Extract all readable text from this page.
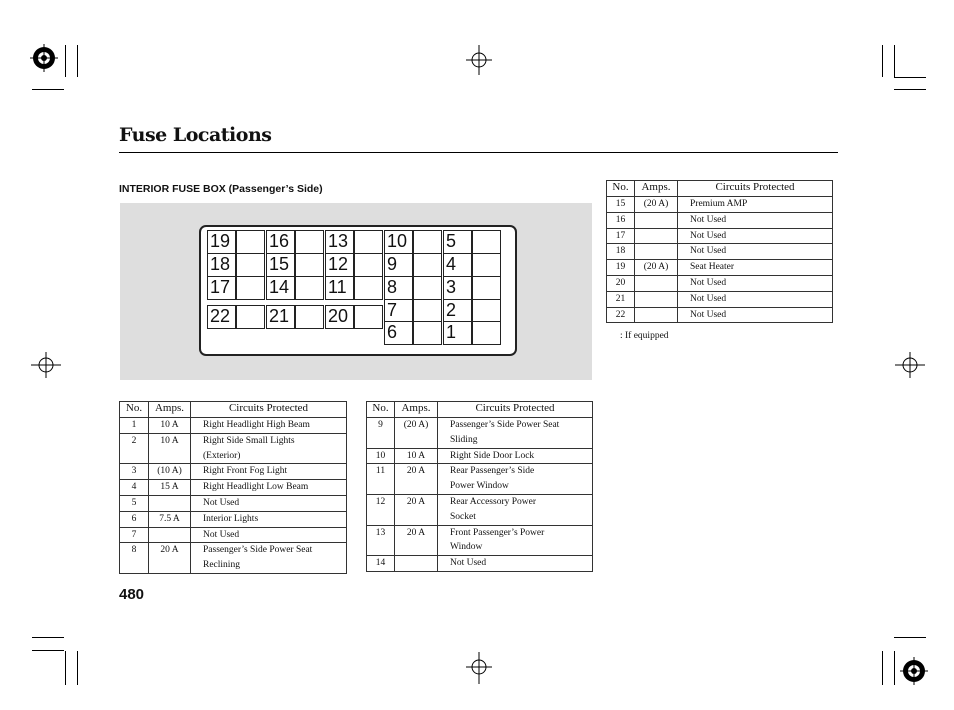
Fuse Locations
INTERIOR FUSE BOX (Passenger’s Side)
19	16	13	10	5
18	15	12	9	4
17	14	11	8	3
22	21	20	7	2
6	1
No.	Amps.	Circuits Protected
1	10 A	Right Headlight High Beam

2	10 A	Right Side Small Lights
(Exterior)

3	(10 A)	Right Front Fog Light

4	15 A	Right Headlight Low Beam

5		Not Used

6	7.5 A	Interior Lights

7		Not Used

8	20 A	Passenger’s Side Power Seat
Reclining
No.	Amps.	Circuits Protected
9	(20 A)	Passenger’s Side Power Seat
Sliding

10	10 A	Right Side Door Lock

11	20 A	Rear Passenger’s Side
Power Window

12	20 A	Rear Accessory Power
Socket

13	20 A	Front Passenger’s Power
Window

14		Not Used
No.	Amps.	Circuits Protected
15	(20 A)	Premium AMP

16		Not Used

17		Not Used

18		Not Used

19	(20 A)	Seat Heater

20		Not Used

21		Not Used

22		Not Used
: If equipped
480
